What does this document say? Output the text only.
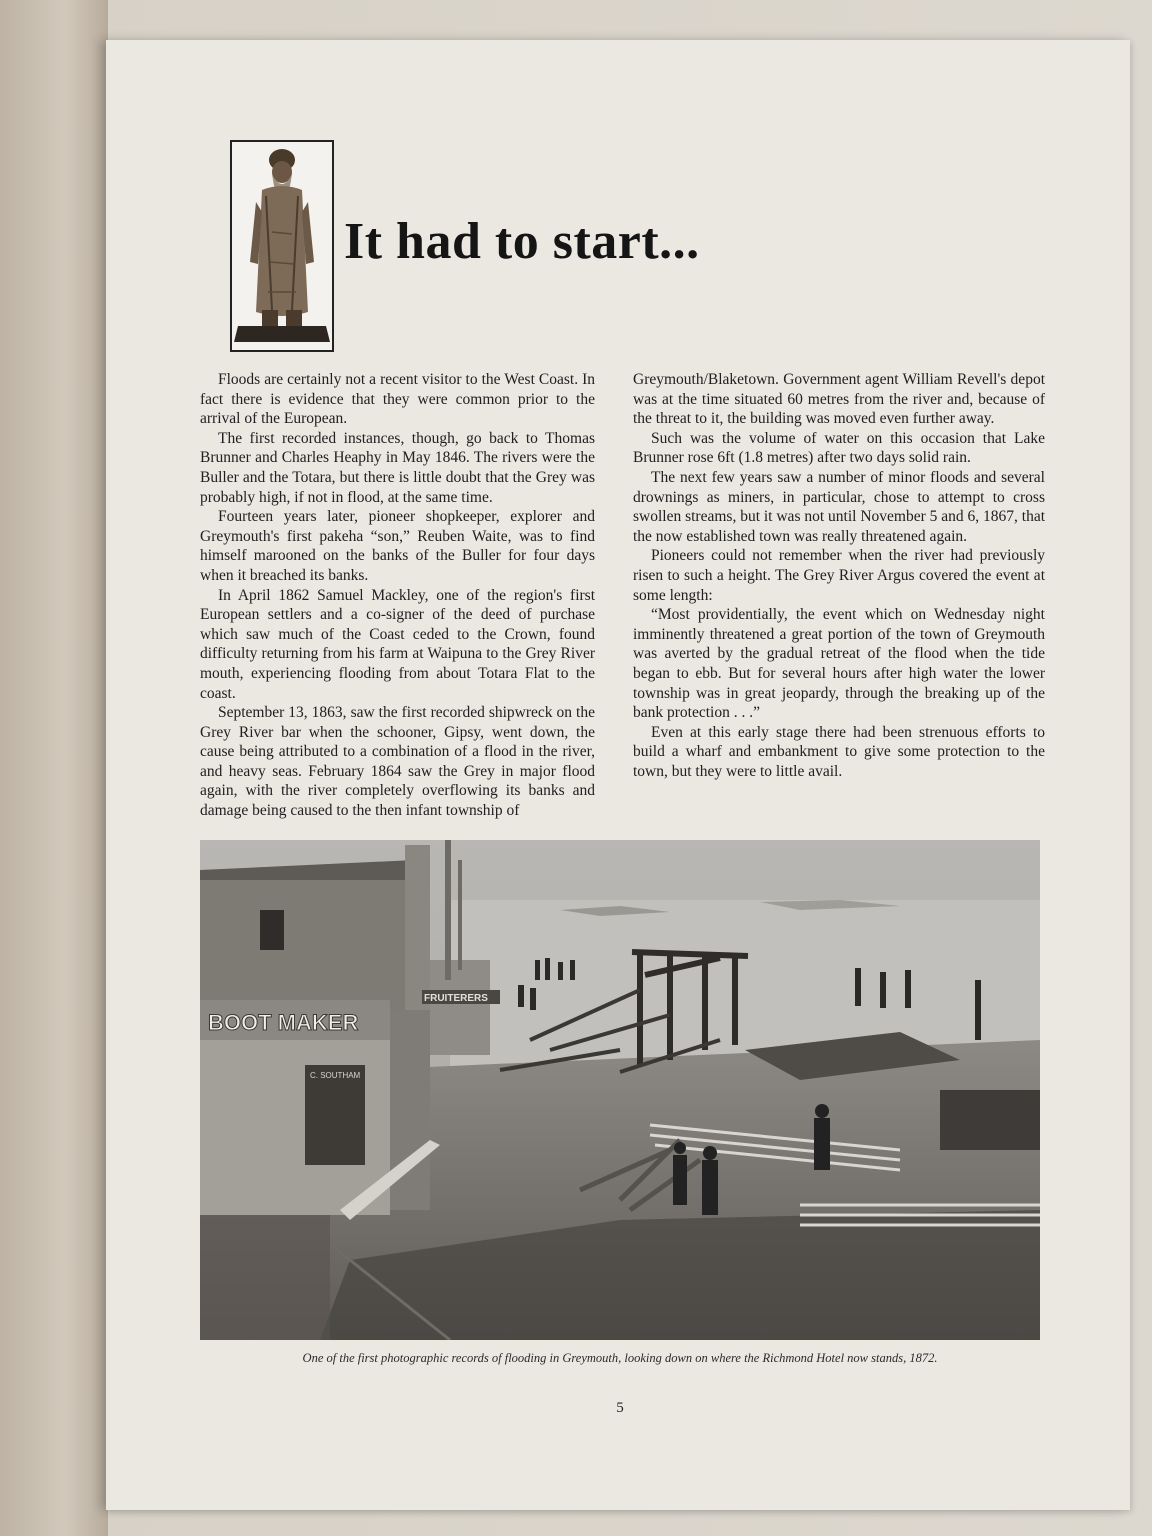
It had to start...

Floods are certainly not a recent visitor to the West Coast. In fact there is evidence that they were common prior to the arrival of the European.

The first recorded instances, though, go back to Thomas Brunner and Charles Heaphy in May 1846. The rivers were the Buller and the Totara, but there is little doubt that the Grey was probably high, if not in flood, at the same time.

Fourteen years later, pioneer shopkeeper, explorer and Greymouth's first pakeha “son,” Reuben Waite, was to find himself marooned on the banks of the Buller for four days when it breached its banks.

In April 1862 Samuel Mackley, one of the region's first European settlers and a co-signer of the deed of purchase which saw much of the Coast ceded to the Crown, found difficulty returning from his farm at Waipuna to the Grey River mouth, experiencing flooding from about Totara Flat to the coast.

September 13, 1863, saw the first recorded shipwreck on the Grey River bar when the schooner, Gipsy, went down, the cause being attributed to a combination of a flood in the river, and heavy seas. February 1864 saw the Grey in major flood again, with the river completely overflowing its banks and damage being caused to the then infant township of

Greymouth/Blaketown. Government agent William Revell's depot was at the time situated 60 metres from the river and, because of the threat to it, the building was moved even further away.

Such was the volume of water on this occasion that Lake Brunner rose 6ft (1.8 metres) after two days solid rain.

The next few years saw a number of minor floods and several drownings as miners, in particular, chose to attempt to cross swollen streams, but it was not until November 5 and 6, 1867, that the now established town was really threatened again.

Pioneers could not remember when the river had previously risen to such a height. The Grey River Argus covered the event at some length:

“Most providentially, the event which on Wednesday night imminently threatened a great portion of the town of Greymouth was averted by the gradual retreat of the flood when the tide began to ebb. But for several hours after high water the lower township was in great jeopardy, through the breaking up of the bank protection . . .”

Even at this early stage there had been strenuous efforts to build a wharf and embankment to give some protection to the town, but they were to little avail.

BOOT MAKER
C. SOUTHAM
FRUITERERS

One of the first photographic records of flooding in Greymouth, looking down on where the Richmond Hotel now stands, 1872.

5
